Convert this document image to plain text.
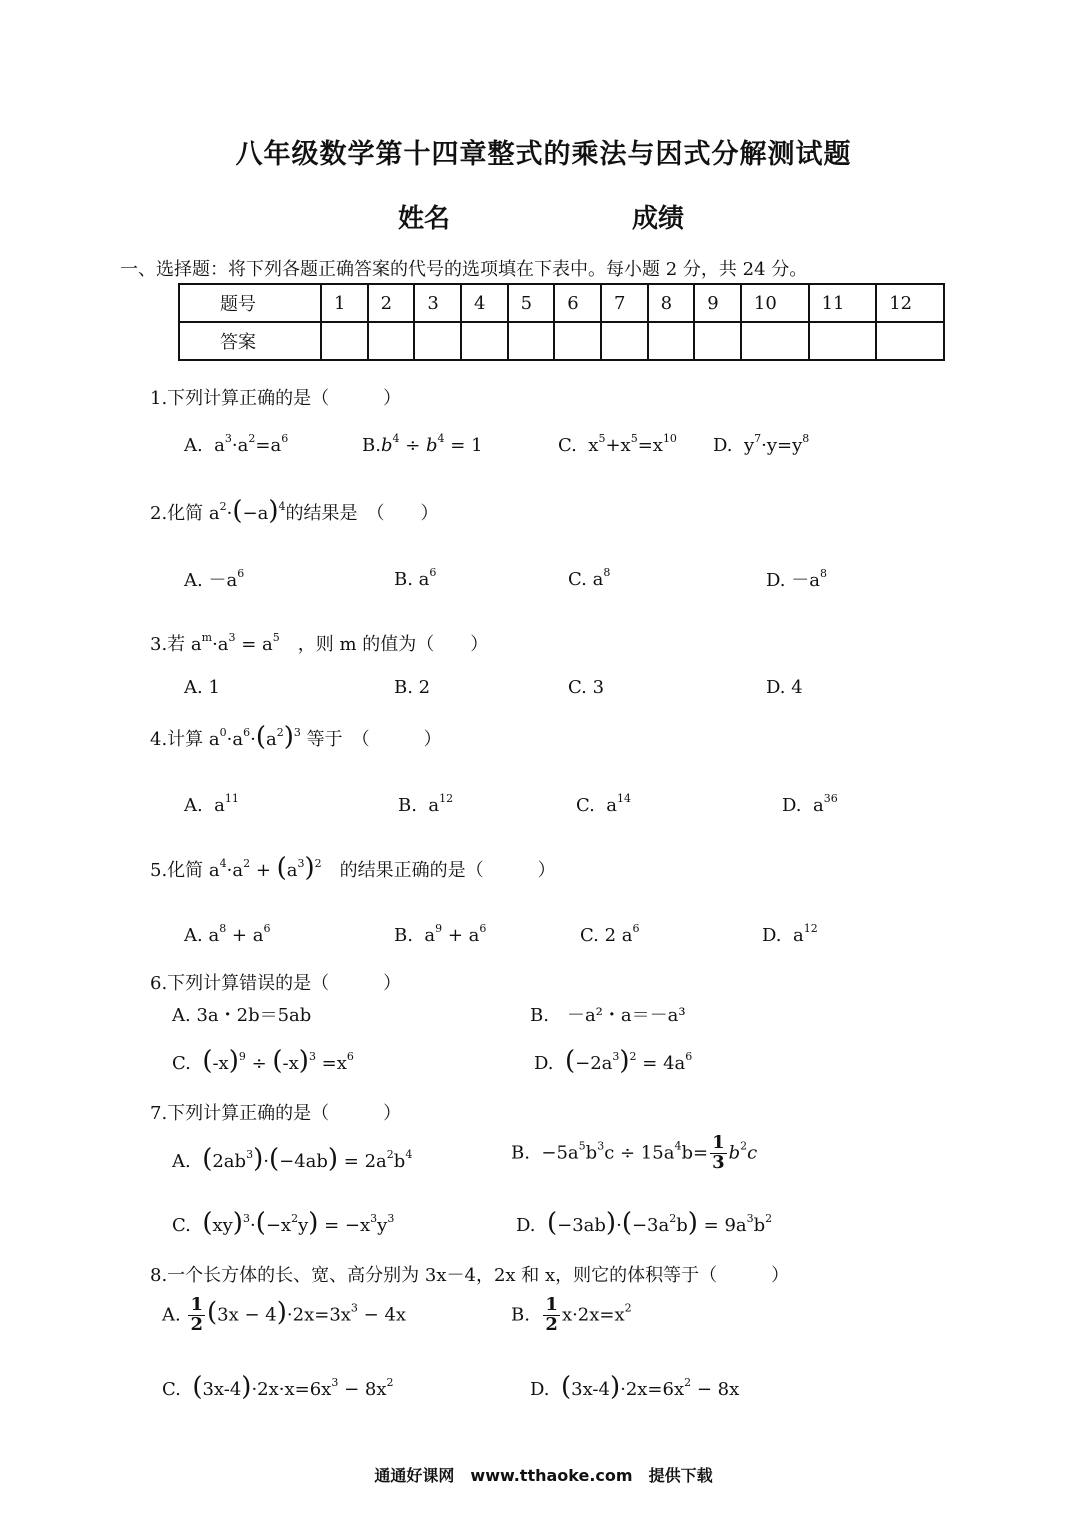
八年级数学第十四章整式的乘法与因式分解测试题
姓名	成绩
一、选择题：将下列各题正确答案的代号的选项填在下表中。每小题 2 分，共 24 分。
题号	1	2	3	4	5	6	7	8	9	10	11	12
答案												
1.下列计算正确的是（　　　）
A.  $a^3\cdot a^2=a^6$	$B.b^4 \div b^4 = 1$	C.  $x^5+x^5=x^{10}$ D.  $y^7\cdot y=y^8$
2.化简 $a^2\cdot(-a)^4$的结果是　（　　）
A. $-a^6$	B. $a^6$	C. $a^8$	D. $-a^8$
3.若 $a^m\cdot a^3 = a^5$　 ，则 m 的值为（　　）
A. 1	B. 2	C. 3	D. 4
4.计算 $a^0\cdot a^6\cdot(a^2)^3$ 等于　（　　　）
A.  $a^{11}$	B.  $a^{12}$	C.  $a^{14}$	D.  $a^{36}$
5.化简 $a^4\cdot a^2 + (a^3)^2$　 的结果正确的是（　　　）
A. $a^8 + a^6$	B.  $a^9 + a^6$	C. 2 $a^6$	D.  $a^{12}$
6.下列计算错误的是（　　　）
A. 3a・2b＝5ab	B.　－a²・a＝－a³
C. $(-x)^9 \div (-x)^3 =x^6$	D. $(-2a^3)^2 = 4a^6$
7.下列计算正确的是（　　　）
A. $(2ab^3)\cdot(-4ab) = 2a^2b^4$	B.  $-5a^5b^3c \div 15a^4b= \frac{1}{3} b^2c$
C. $(xy)^3\cdot(-x^2y) = -x^3y^3$	D. $(-3ab)\cdot(-3a^2b) = 9a^3b^2$
8.一个长方体的长、宽、高分别为 3x－4，2x 和 x，则它的体积等于（　　　）
A. $\frac{1}{2} (3x - 4)\cdot 2x=3x^3 - 4x$	B. $\frac{1}{2} x\cdot 2x=x^2$
C. $(3x-4)\cdot 2x\cdot x=6x^3 - 8x^2$	D. $(3x-4)\cdot 2x=6x^2 - 8x$
通通好课网　www.tthaoke.com　提供下载
